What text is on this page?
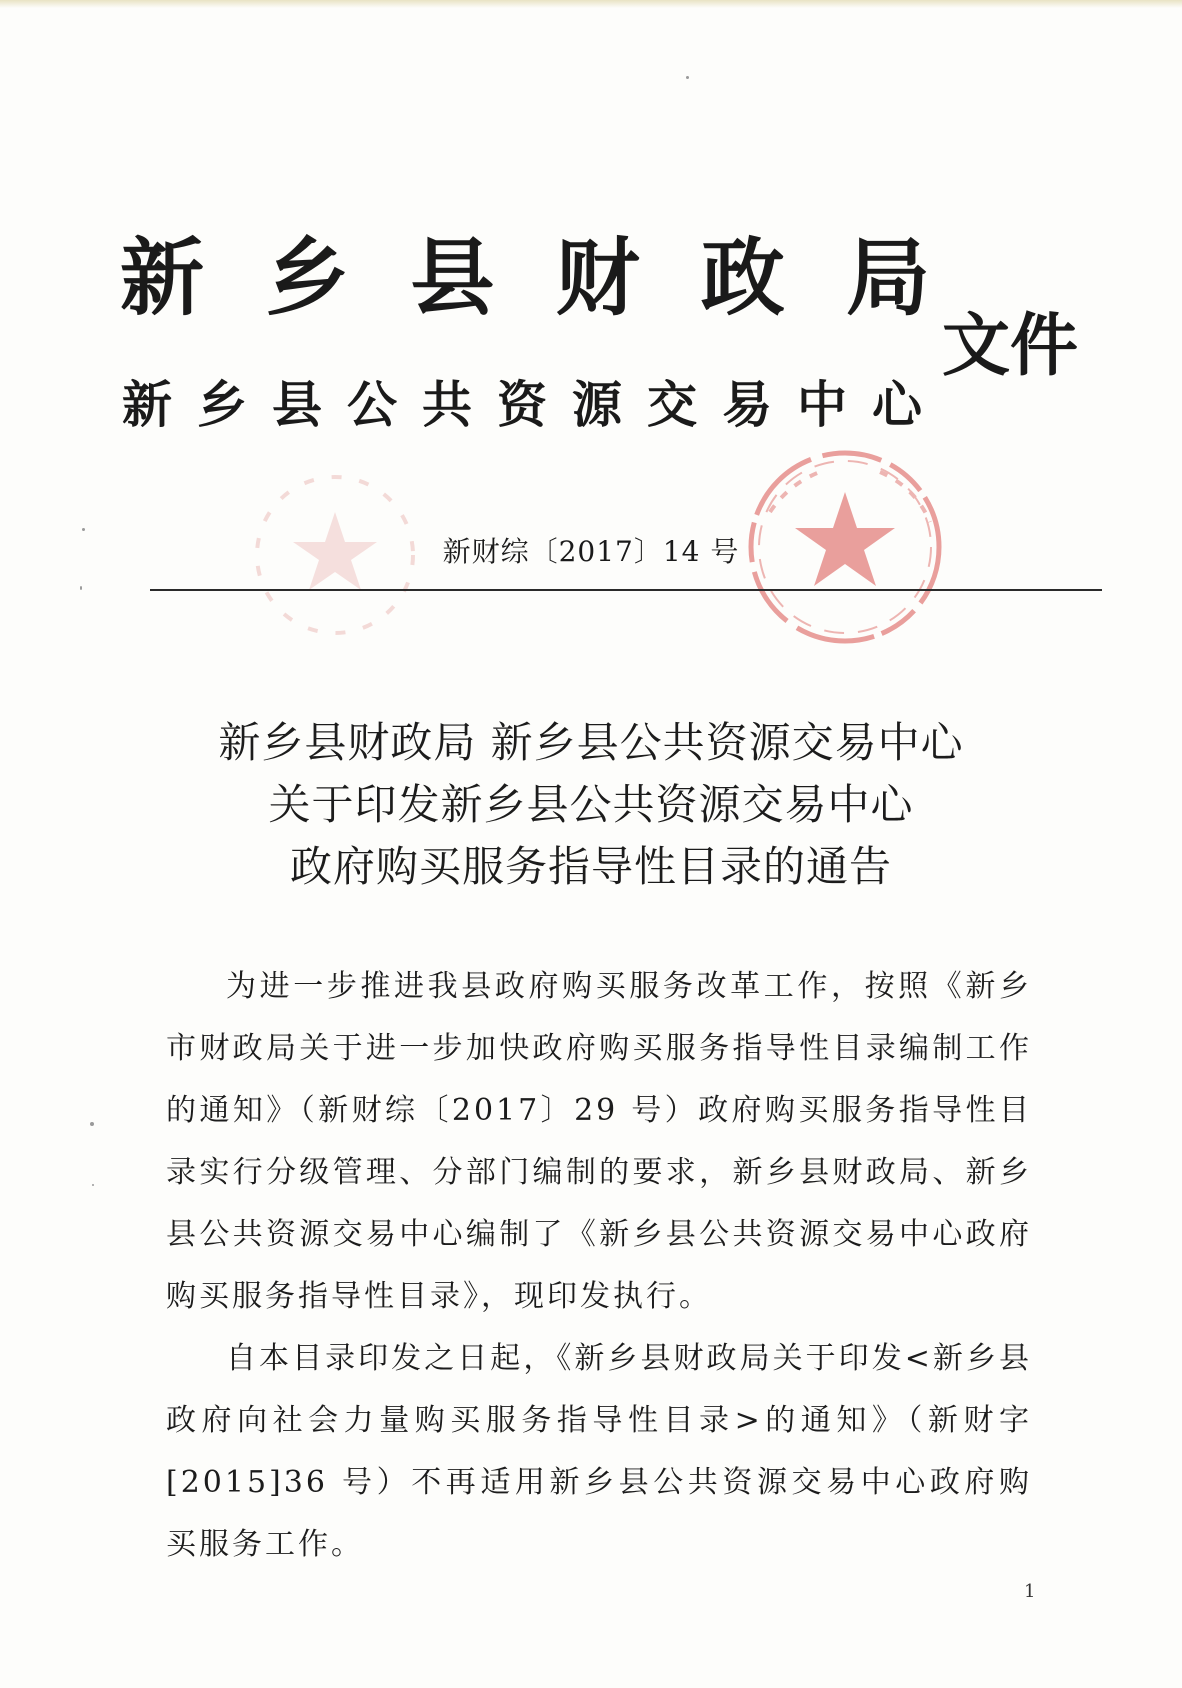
新 乡 县 财 政 局
新 乡 县 公 共 资 源 交 易 中 心
文件
新财综〔2017〕14 号
新乡县财政局 新乡县公共资源交易中心
关于印发新乡县公共资源交易中心
政府购买服务指导性目录的通告

为进一步推进我县政府购买服务改革工作，按照《新乡市财政局关于进一步加快政府购买服务指导性目录编制工作的通知》（新财综〔2017〕29 号）政府购买服务指导性目录实行分级管理、分部门编制的要求，新乡县财政局、新乡县公共资源交易中心编制了《新乡县公共资源交易中心政府购买服务指导性目录》，现印发执行。

自本目录印发之日起，《新乡县财政局关于印发<新乡县政府向社会力量购买服务指导性目录>的通知》（新财字[2015]36 号）不再适用新乡县公共资源交易中心政府购买服务工作。

1
